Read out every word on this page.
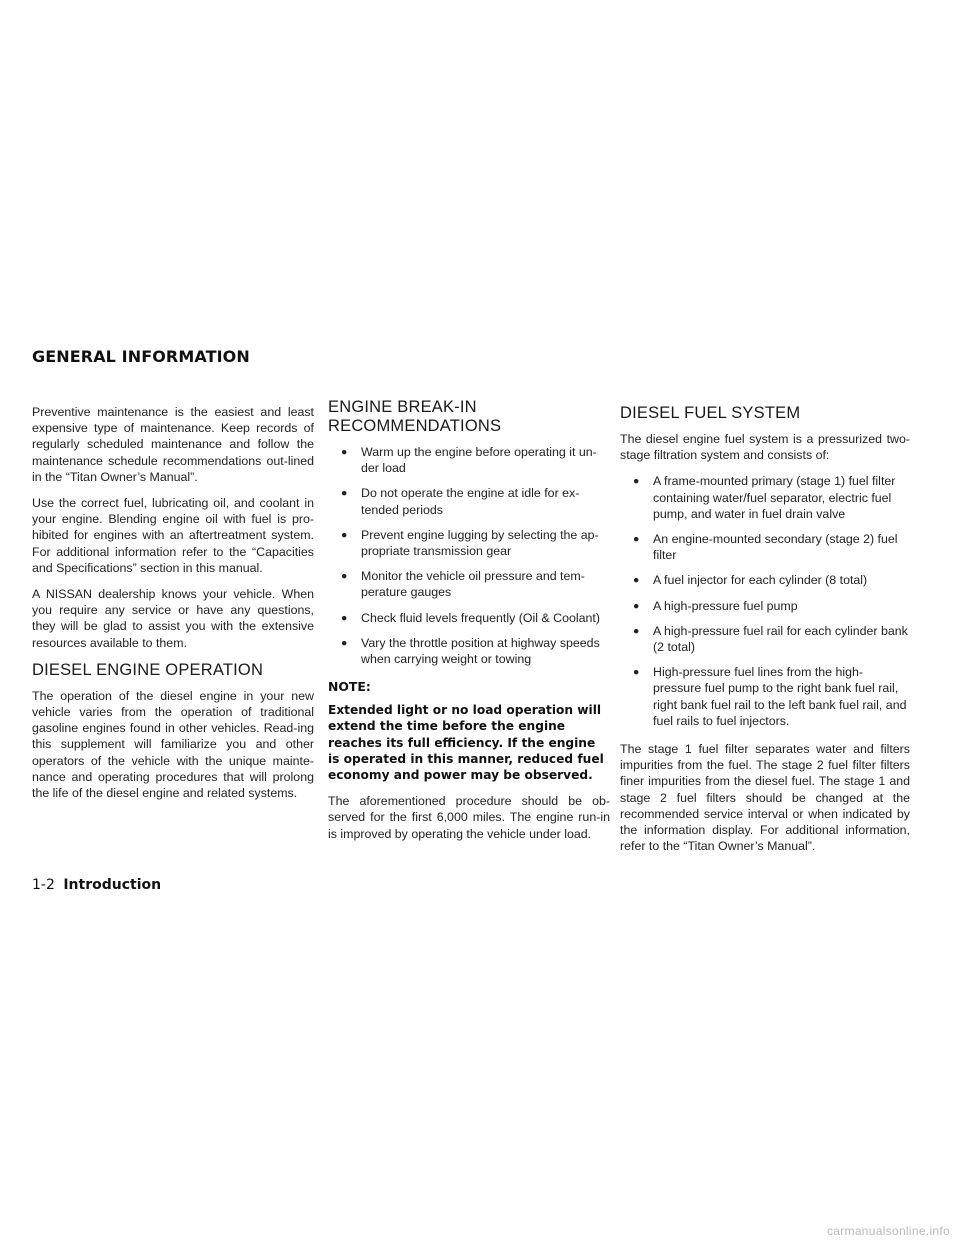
GENERAL INFORMATION

Preventive maintenance is the easiest and least expensive type of maintenance. Keep records of regularly scheduled maintenance and follow the maintenance schedule recommendations out-lined in the “Titan Owner’s Manual”.

Use the correct fuel, lubricating oil, and coolant in your engine. Blending engine oil with fuel is pro-hibited for engines with an aftertreatment system. For additional information refer to the “Capacities and Specifications” section in this manual.

A NISSAN dealership knows your vehicle. When you require any service or have any questions, they will be glad to assist you with the extensive resources available to them.

DIESEL ENGINE OPERATION

The operation of the diesel engine in your new vehicle varies from the operation of traditional gasoline engines found in other vehicles. Read-ing this supplement will familiarize you and other operators of the vehicle with the unique mainte-nance and operating procedures that will prolong the life of the diesel engine and related systems.

ENGINE BREAK-IN RECOMMENDATIONS
● Warm up the engine before operating it un-der load
● Do not operate the engine at idle for ex-tended periods
● Prevent engine lugging by selecting the ap-propriate transmission gear
● Monitor the vehicle oil pressure and tem-perature gauges
● Check fluid levels frequently (Oil & Coolant)
● Vary the throttle position at highway speeds when carrying weight or towing
NOTE:

Extended light or no load operation will extend the time before the engine reaches its full efficiency. If the engine is operated in this manner, reduced fuel economy and power may be observed.

The aforementioned procedure should be ob-served for the first 6,000 miles. The engine run-in is improved by operating the vehicle under load.

DIESEL FUEL SYSTEM

The diesel engine fuel system is a pressurized two-stage filtration system and consists of:

● A frame-mounted primary (stage 1) fuel filter containing water/fuel separator, electric fuel pump, and water in fuel drain valve
● An engine-mounted secondary (stage 2) fuel filter
● A fuel injector for each cylinder (8 total)
● A high-pressure fuel pump
● A high-pressure fuel rail for each cylinder bank (2 total)
● High-pressure fuel lines from the high-pressure fuel pump to the right bank fuel rail, right bank fuel rail to the left bank fuel rail, and fuel rails to fuel injectors.

The stage 1 fuel filter separates water and filters impurities from the fuel. The stage 2 fuel filter filters finer impurities from the diesel fuel. The stage 1 and stage 2 fuel filters should be changed at the recommended service interval or when indicated by the information display. For additional information, refer to the “Titan Owner’s Manual”.

1-2 Introduction
carmanualsonline.info
